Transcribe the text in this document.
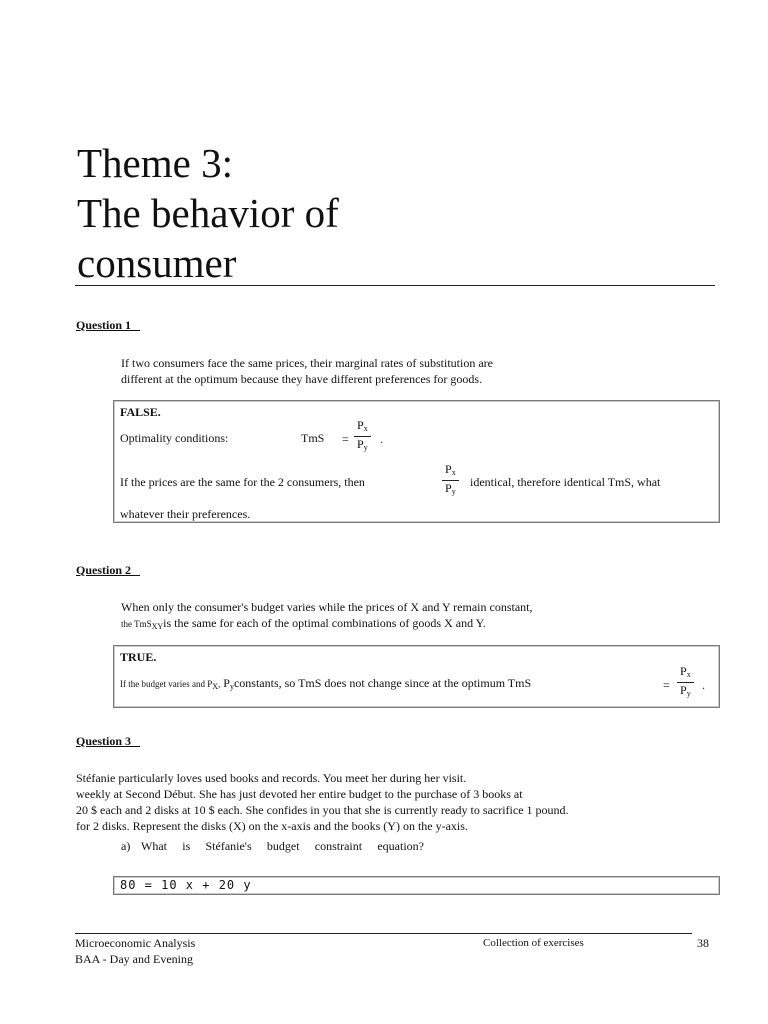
Theme 3:
The behavior of
consumer
Question 1
If two consumers face the same prices, their marginal rates of substitution are
different at the optimum because they have different preferences for goods.
FALSE.
Optimality conditions:	TmS = $\frac{P_x}{P_y}$ .
If the prices are the same for the 2 consumers, then	$\frac{P_x}{P_y}$ identical, therefore identical TmS, what
whatever their preferences.
Question 2
When only the consumer's budget varies while the prices of X and Y remain constant,
the TmS$_{XY}$is the same for each of the optimal combinations of goods X and Y.
TRUE.
If the budget varies and $P_X$, $P_yconstants$, so TmS does not change since at the optimum TmS	= $\frac{P_x}{P_y}$ .
Question 3
Stéfanie particularly loves used books and records. You meet her during her visit.
weekly at Second Début. She has just devoted her entire budget to the purchase of 3 books at
20 $ each and 2 disks at 10 $ each. She confides in you that she is currently ready to sacrifice 1 pound.
for 2 disks. Represent the disks (X) on the x-axis and the books (Y) on the y-axis.
a) What is Stéfanie's budget constraint equation?
80 = 10 x + 20 y
Microeconomic Analysis
BAA - Day and Evening
Collection of exercises	38
